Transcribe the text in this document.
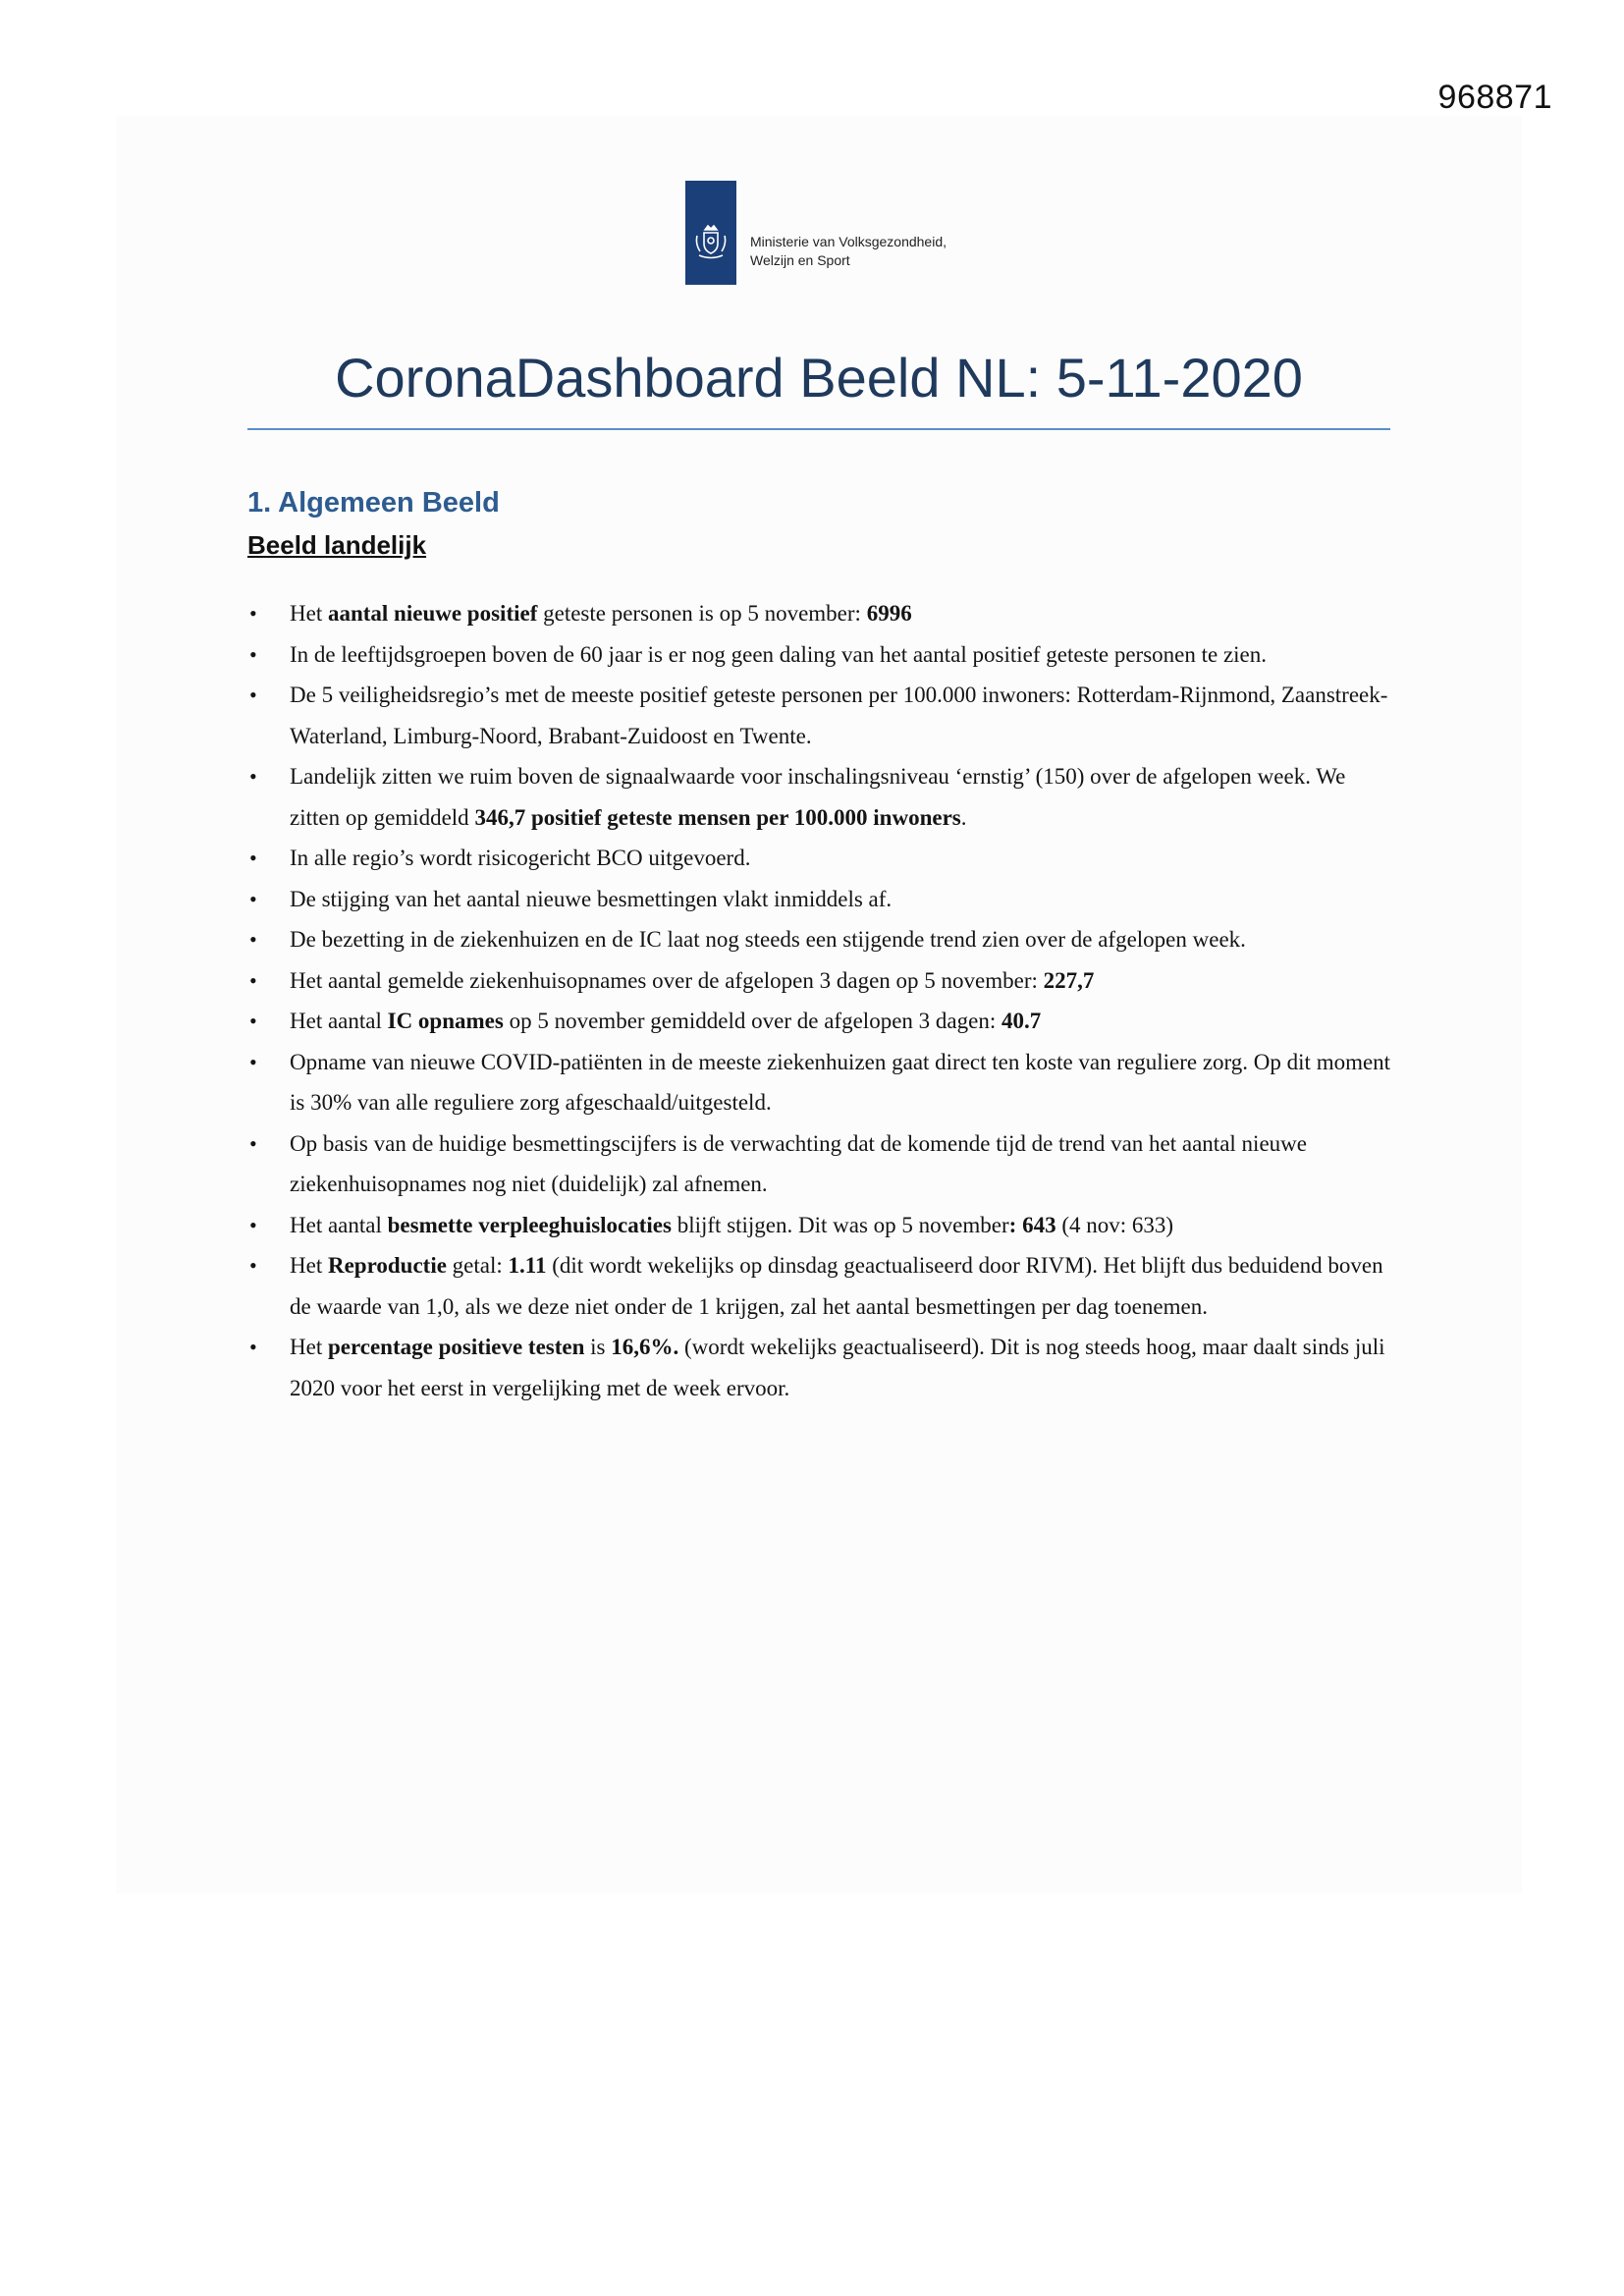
968871
Ministerie van Volksgezondheid,
Welzijn en Sport
CoronaDashboard Beeld NL: 5-11-2020
1. Algemeen Beeld
Beeld landelijk
• Het aantal nieuwe positief geteste personen is op 5 november: 6996
• In de leeftijdsgroepen boven de 60 jaar is er nog geen daling van het aantal positief geteste personen te zien.
• De 5 veiligheidsregio’s met de meeste positief geteste personen per 100.000 inwoners: Rotterdam-Rijnmond, Zaanstreek-Waterland, Limburg-Noord, Brabant-Zuidoost en Twente.
• Landelijk zitten we ruim boven de signaalwaarde voor inschalingsniveau ‘ernstig’ (150) over de afgelopen week. We zitten op gemiddeld 346,7 positief geteste mensen per 100.000 inwoners.
• In alle regio’s wordt risicogericht BCO uitgevoerd.
• De stijging van het aantal nieuwe besmettingen vlakt inmiddels af.
• De bezetting in de ziekenhuizen en de IC laat nog steeds een stijgende trend zien over de afgelopen week.
• Het aantal gemelde ziekenhuisopnames over de afgelopen 3 dagen op 5 november: 227,7
• Het aantal IC opnames op 5 november gemiddeld over de afgelopen 3 dagen: 40.7
• Opname van nieuwe COVID-patiënten in de meeste ziekenhuizen gaat direct ten koste van reguliere zorg. Op dit moment is 30% van alle reguliere zorg afgeschaald/uitgesteld.
• Op basis van de huidige besmettingscijfers is de verwachting dat de komende tijd de trend van het aantal nieuwe ziekenhuisopnames nog niet (duidelijk) zal afnemen.
• Het aantal besmette verpleeghuislocaties blijft stijgen. Dit was op 5 november: 643 (4 nov: 633)
• Het Reproductie getal: 1.11 (dit wordt wekelijks op dinsdag geactualiseerd door RIVM). Het blijft dus beduidend boven de waarde van 1,0, als we deze niet onder de 1 krijgen, zal het aantal besmettingen per dag toenemen.
• Het percentage positieve testen is 16,6%. (wordt wekelijks geactualiseerd). Dit is nog steeds hoog, maar daalt sinds juli 2020 voor het eerst in vergelijking met de week ervoor.
